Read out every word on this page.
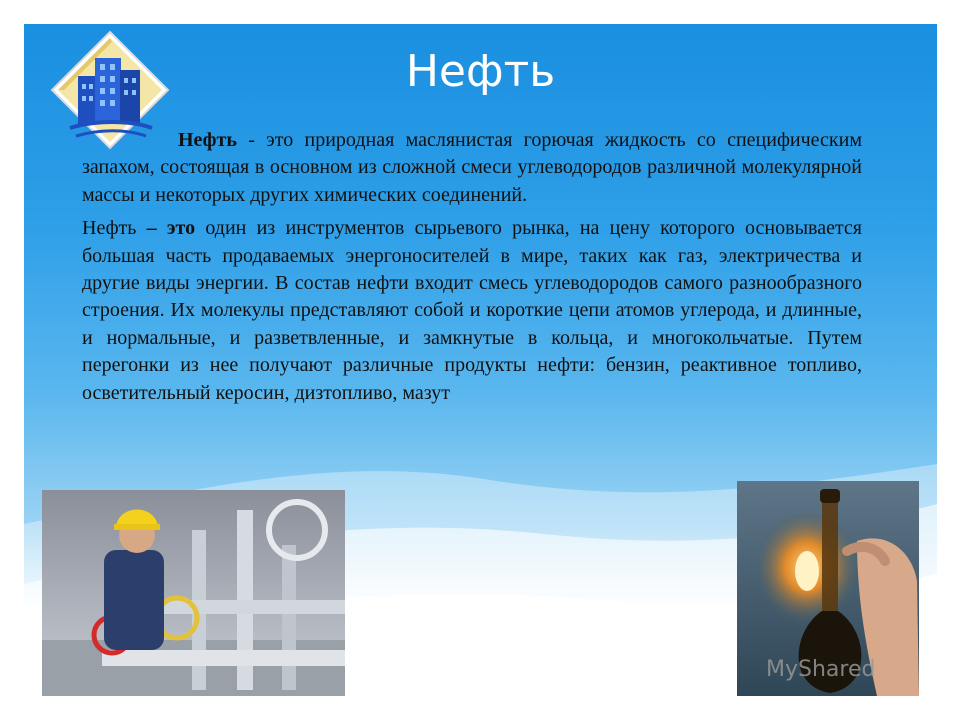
Нефть

Нефть - это природная маслянистая горючая жидкость со специфическим запахом, состоящая в основном из сложной смеси углеводородов различной молекулярной массы и некоторых других химических соединений.

Нефть – это один из инструментов сырьевого рынка, на цену которого основывается большая часть продаваемых энергоносителей в мире, таких как газ, электричества и другие виды энергии. В состав нефти входит смесь углеводородов самого разнообразного строения. Их молекулы представляют собой и короткие цепи атомов углерода, и длинные, и нормальные, и разветвленные, и замкнутые в кольца, и многокольчатые. Путем перегонки из нее получают различные продукты нефти: бензин, реактивное топливо, осветительный керосин, дизтопливо, мазут

MyShared
